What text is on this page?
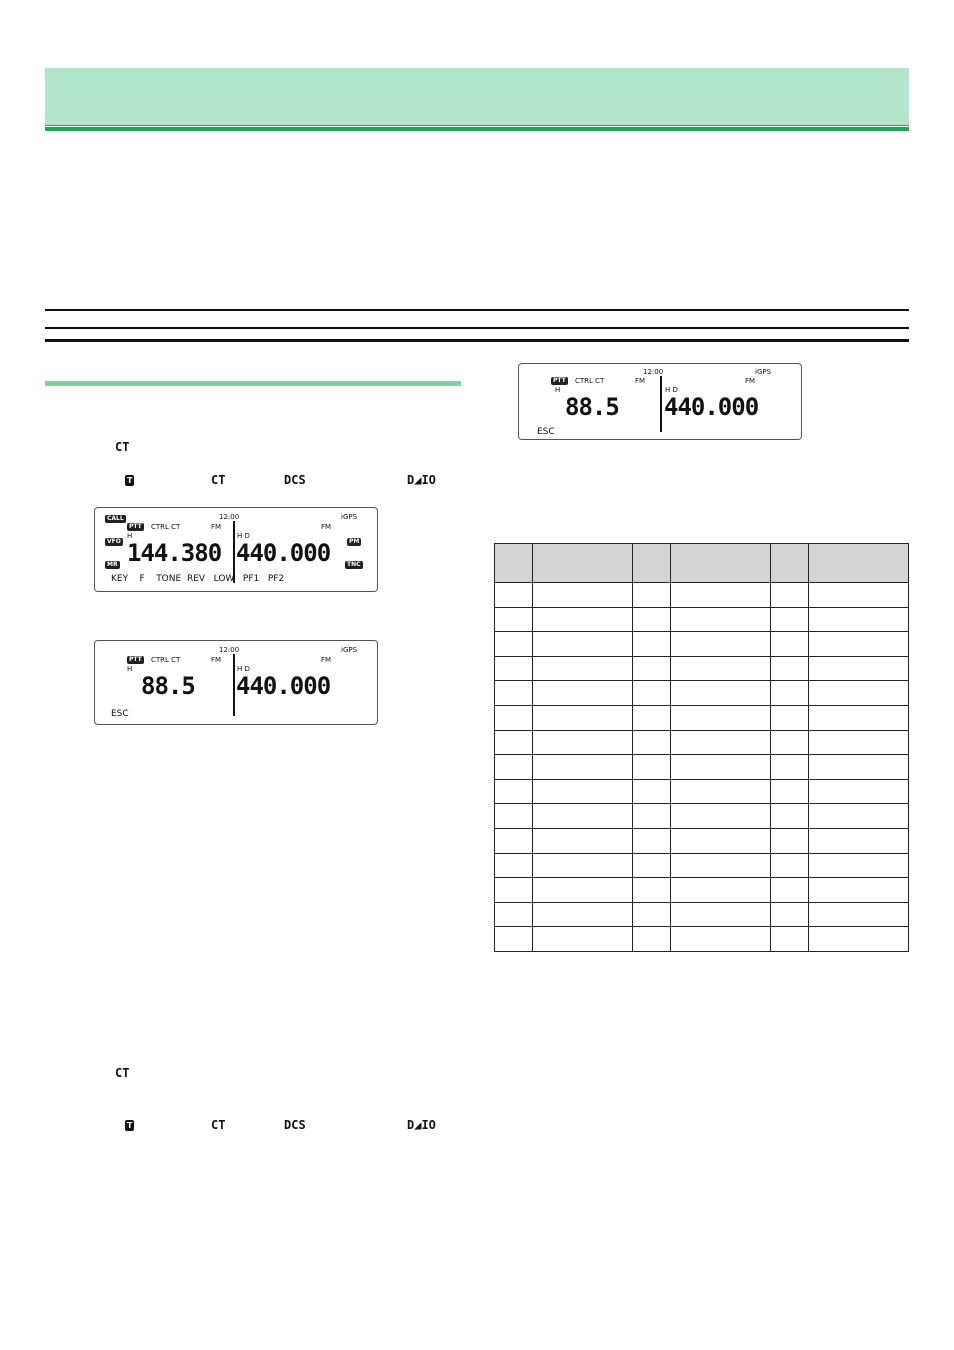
CT
T	CT	DCS	D◢IO
CT
T	CT	DCS	D◢IO
CALL
VFO
MR
PM
TNC
12:00	iGPS
PTT CTRL CT	FM	FM
H	H D
144.380 440.000
KEY F TONE REV LOW PF1 PF2
12:00	iGPS
PTT CTRL CT	FM	FM
H	H D
88.5 440.000
ESC
12:00	iGPS
PTT CTRL CT	FM	FM
H	H D
88.5 440.000
ESC
